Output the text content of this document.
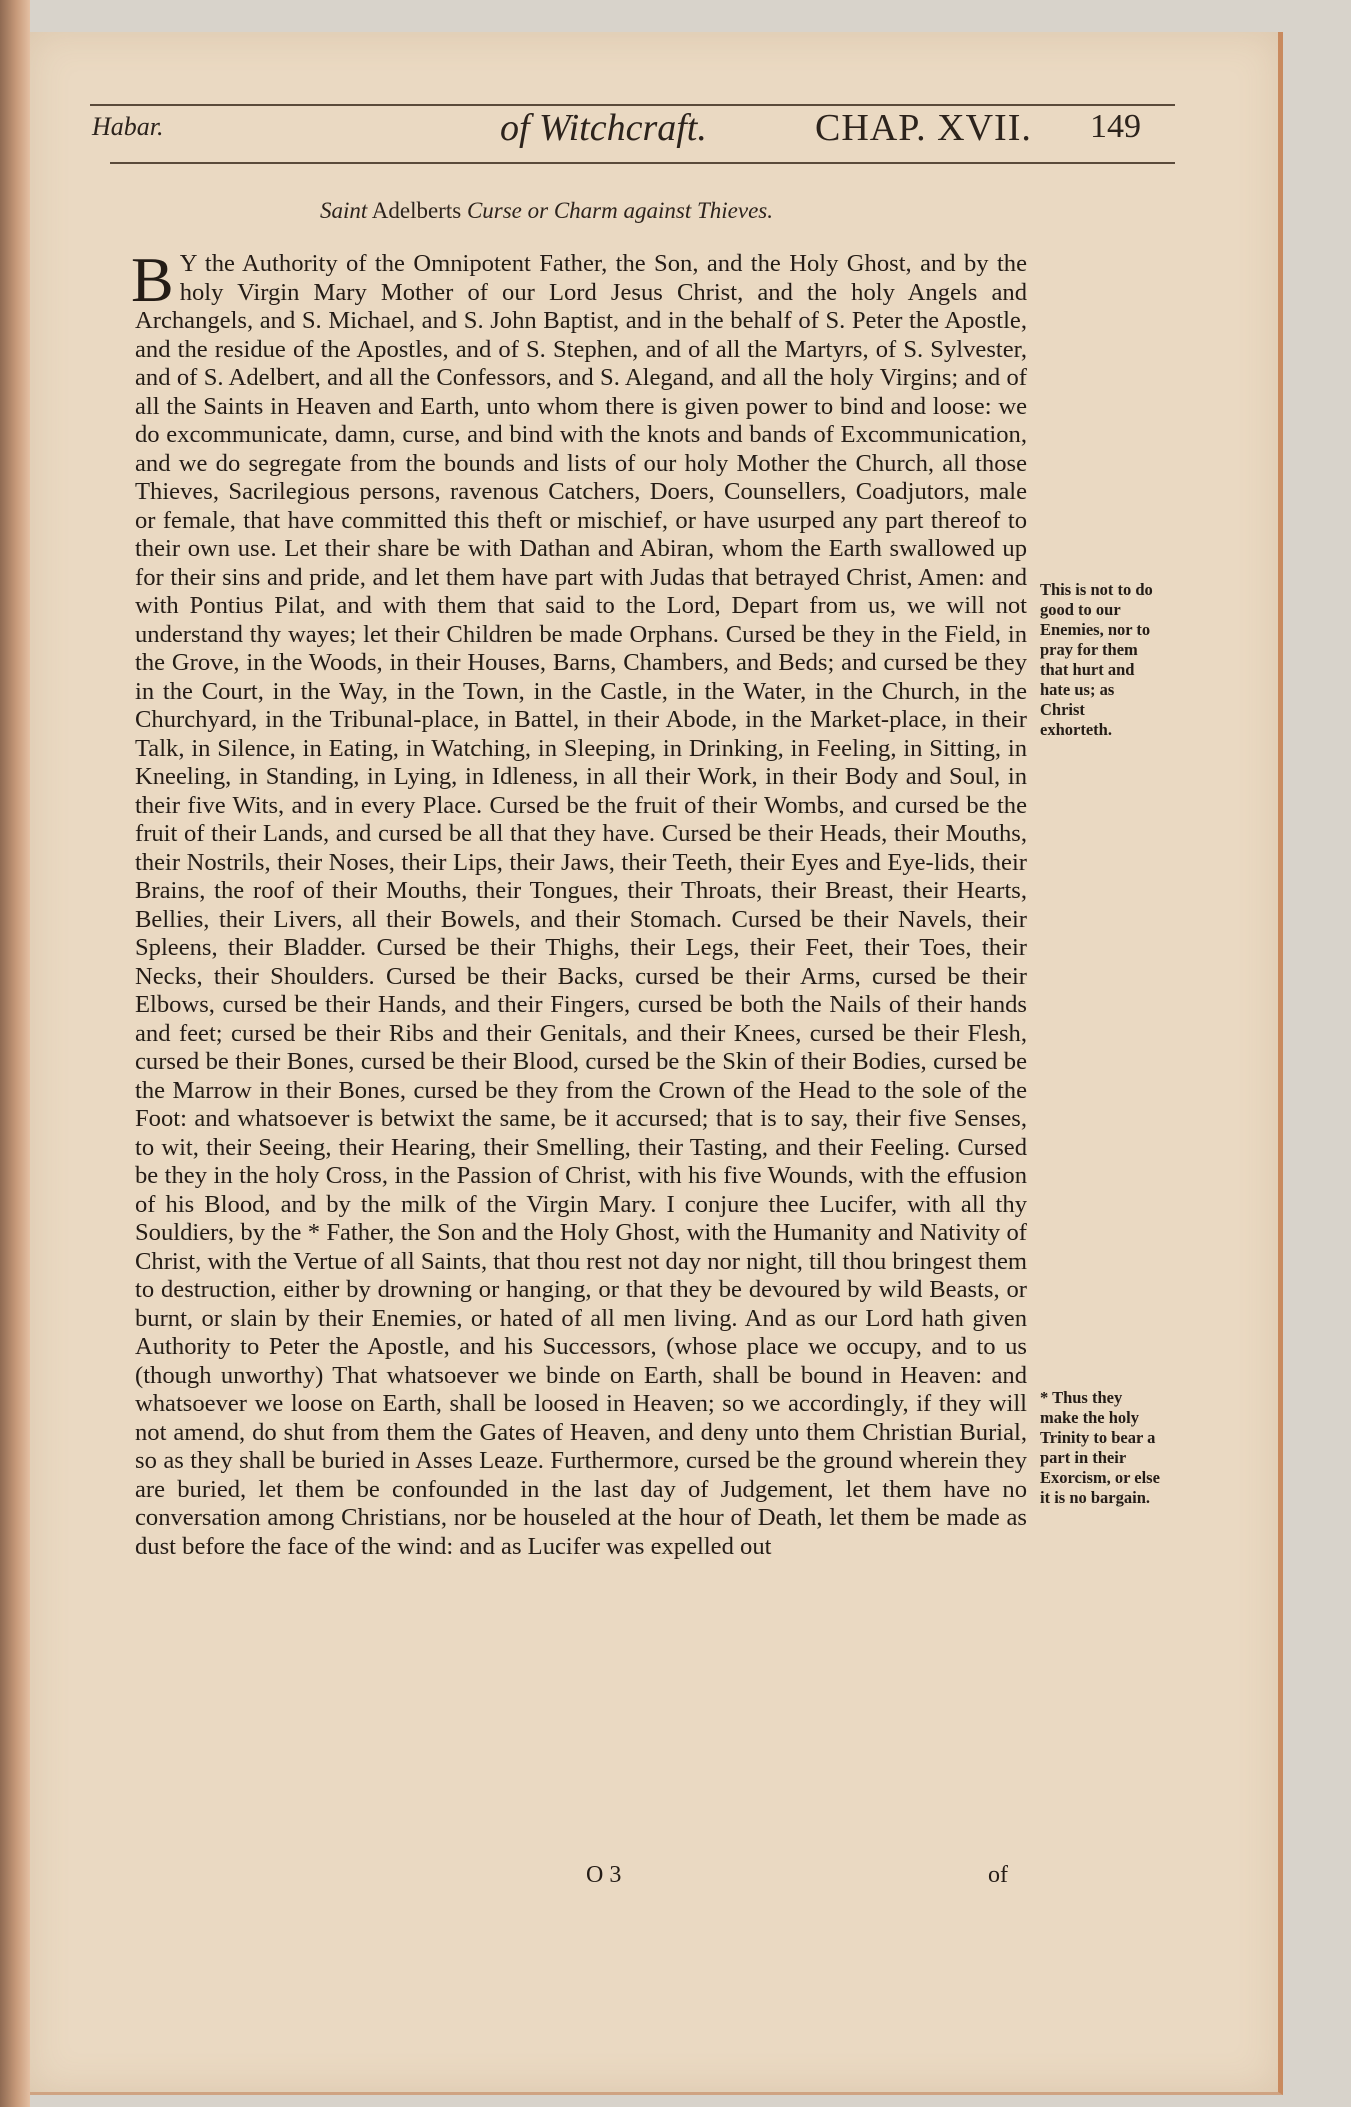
Habar.	of Witchcraft.	CHAP. XVII. 149
Saint Adelberts Curse or Charm against Thieves.
B Y the Authority of the Omnipotent Father, the Son, and the Holy Ghost, and by the holy Virgin Mary Mother of our Lord Jesus Christ, and the holy Angels and Archangels, and S. Michael, and S. John Baptist, and in the behalf of S. Peter the Apostle, and the residue of the Apostles, and of S. Stephen, and of all the Martyrs, of S. Sylvester, and of S. Adelbert, and all the Confessors, and S. Alegand, and all the holy Virgins; and of all the Saints in Heaven and Earth, unto whom there is given power to bind and loose: we do excommunicate, damn, curse, and bind with the knots and bands of Excommunication, and we do segregate from the bounds and lists of our holy Mother the Church, all those Thieves, Sacrilegious persons, ravenous Catchers, Doers, Counsellers, Coadjutors, male or female, that have committed this theft or mischief, or have usurped any part thereof to their own use. Let their share be with Dathan and Abiran, whom the Earth swallowed up for their sins and pride, and let them have part with Judas that betrayed Christ, Amen: and with Pontius Pilat, and with them that said to the Lord, Depart from us, we will not understand thy wayes; let their Children be made Orphans. Cursed be they in the Field, in the Grove, in the Woods, in their Houses, Barns, Chambers, and Beds; and cursed be they in the Court, in the Way, in the Town, in the Castle, in the Water, in the Church, in the Churchyard, in the Tribunal-place, in Battel, in their Abode, in the Market-place, in their Talk, in Silence, in Eating, in Watching, in Sleeping, in Drinking, in Feeling, in Sitting, in Kneeling, in Standing, in Lying, in Idleness, in all their Work, in their Body and Soul, in their five Wits, and in every Place. Cursed be the fruit of their Wombs, and cursed be the fruit of their Lands, and cursed be all that they have. Cursed be their Heads, their Mouths, their Nostrils, their Noses, their Lips, their Jaws, their Teeth, their Eyes and Eye-lids, their Brains, the roof of their Mouths, their Tongues, their Throats, their Breast, their Hearts, Bellies, their Livers, all their Bowels, and their Stomach. Cursed be their Navels, their Spleens, their Bladder. Cursed be their Thighs, their Legs, their Feet, their Toes, their Necks, their Shoulders. Cursed be their Backs, cursed be their Arms, cursed be their Elbows, cursed be their Hands, and their Fingers, cursed be both the Nails of their hands and feet; cursed be their Ribs and their Genitals, and their Knees, cursed be their Flesh, cursed be their Bones, cursed be their Blood, cursed be the Skin of their Bodies, cursed be the Marrow in their Bones, cursed be they from the Crown of the Head to the sole of the Foot: and whatsoever is betwixt the same, be it accursed; that is to say, their five Senses, to wit, their Seeing, their Hearing, their Smelling, their Tasting, and their Feeling. Cursed be they in the holy Cross, in the Passion of Christ, with his five Wounds, with the effusion of his Blood, and by the milk of the Virgin Mary. I conjure thee Lucifer, with all thy Souldiers, by the * Father, the Son and the Holy Ghost, with the Humanity and Nativity of Christ, with the Vertue of all Saints, that thou rest not day nor night, till thou bringest them to destruction, either by drowning or hanging, or that they be devoured by wild Beasts, or burnt, or slain by their Enemies, or hated of all men living. And as our Lord hath given Authority to Peter the Apostle, and his Successors, (whose place we occupy, and to us (though unworthy) That whatsoever we binde on Earth, shall be bound in Heaven: and whatsoever we loose on Earth, shall be loosed in Heaven; so we accordingly, if they will not amend, do shut from them the Gates of Heaven, and deny unto them Christian Burial, so as they shall be buried in Asses Leaze. Furthermore, cursed be the ground wherein they are buried, let them be confounded in the last day of Judgement, let them have no conversation among Christians, nor be houseled at the hour of Death, let them be made as dust before the face of the wind: and as Lucifer was expelled out
This is not to do good to our Enemies, nor to pray for them that hurt and hate us; as Christ exhorteth.
* Thus they make the holy Trinity to bear a part in their Exorcism, or else it is no bargain.
O 3	of
